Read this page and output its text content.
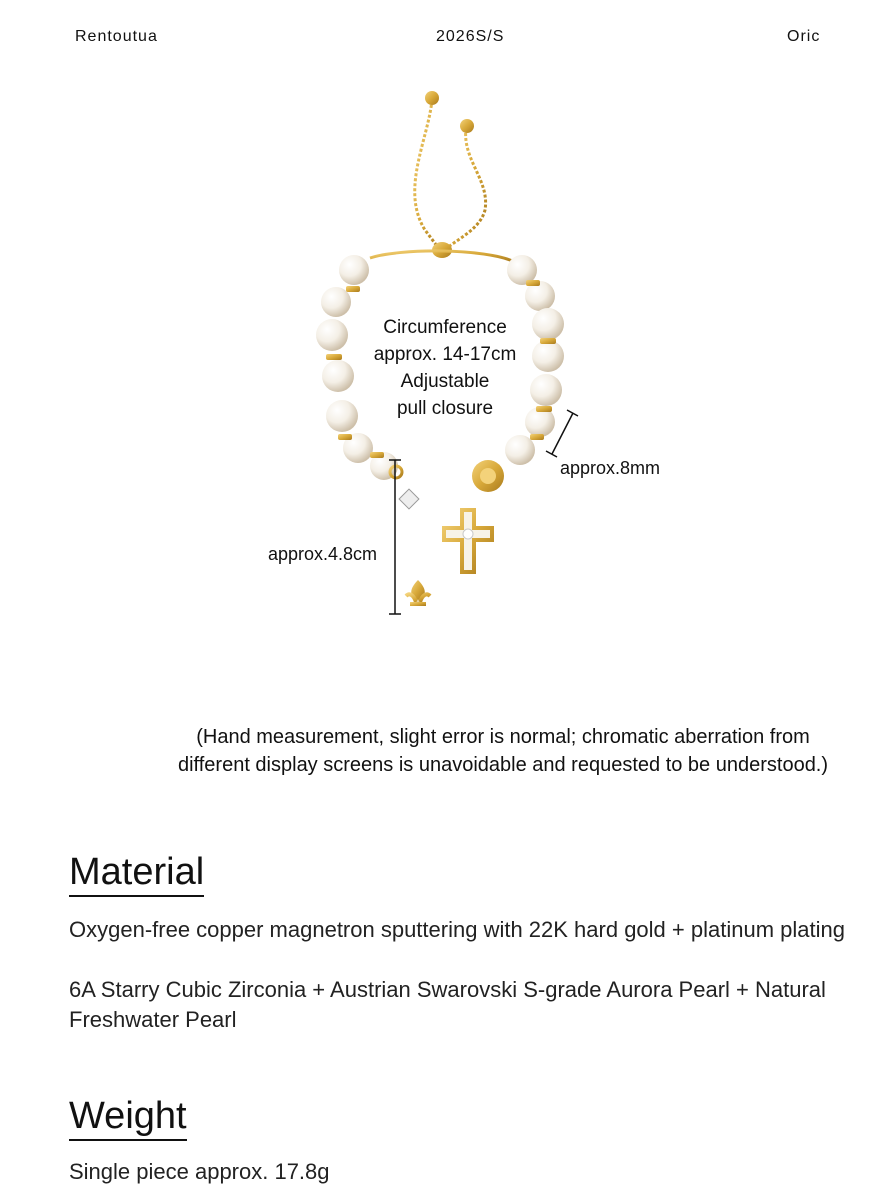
Rentoutua	2026S/S	Oric
Circumference
approx. 14-17cm
Adjustable
pull closure
approx.8mm
approx.4.8cm
(Hand measurement, slight error is normal; chromatic aberration from
different display screens is unavoidable and requested to be understood.)
Material
Oxygen-free copper magnetron sputtering with 22K hard gold + platinum plating
6A Starry Cubic Zirconia + Austrian Swarovski S-grade Aurora Pearl + Natural Freshwater Pearl
Weight
Single piece approx. 17.8g
